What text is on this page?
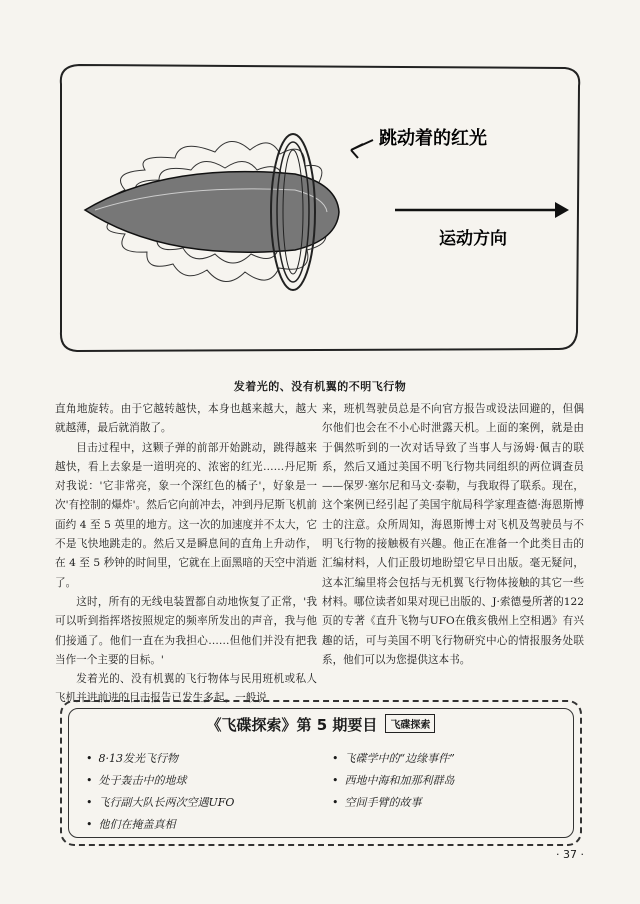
跳动着的红光
运动方向
发着光的、没有机翼的不明飞行物

直角地旋转。由于它越转越快，本身也越来越大，越大就越薄，最后就消散了。

目击过程中，这颗子弹的前部开始跳动，跳得越来越快，看上去象是一道明亮的、浓密的红光……丹尼斯对我说：'它非常亮，象一个深红色的橘子'，好象是一次'有控制的爆炸'。然后它向前冲去，冲到丹尼斯飞机前面约 4 至 5 英里的地方。这一次的加速度并不太大，它不是飞快地跳走的。然后又是瞬息间的直角上升动作，在 4 至 5 秒钟的时间里，它就在上面黑暗的天空中消逝了。

这时，所有的无线电装置都自动地恢复了正常，'我可以听到指挥塔按照规定的频率所发出的声音，我与他们接通了。他们一直在为我担心……但他们并没有把我当作一个主要的目标。'

发着光的、没有机翼的飞行物体与民用班机或私人飞机并进前进的目击报告已发生多起。一般说

来，班机驾驶员总是不向官方报告或设法回避的，但偶尔他们也会在不小心时泄露天机。上面的案例，就是由于偶然听到的一次对话导致了当事人与汤姆·佩吉的联系，然后又通过美国不明飞行物共同组织的两位调查员——保罗·塞尔尼和马文·泰勒，与我取得了联系。现在，这个案例已经引起了美国宇航局科学家理查德·海恩斯博士的注意。众所周知，海恩斯博士对飞机及驾驶员与不明飞行物的接触极有兴趣。他正在准备一个此类目击的汇编材料，人们正殷切地盼望它早日出版。毫无疑问，这本汇编里将会包括与无机翼飞行物体接触的其它一些材料。哪位读者如果对现已出版的、J·索德曼所著的122页的专著《直升飞物与UFO在俄亥俄州上空相遇》有兴趣的话，可与美国不明飞行物研究中心的情报服务处联系，他们可以为您提供这本书。

《飞碟探索》第 5 期要目 飞碟探索
• 8·13发光飞行物
• 处于轰击中的地球
• 飞行副大队长两次空遇UFO
• 他们在掩盖真相
• 飞碟学中的“边缘事件”
• 西地中海和加那利群岛
• 空间手臂的故事
· 37 ·
